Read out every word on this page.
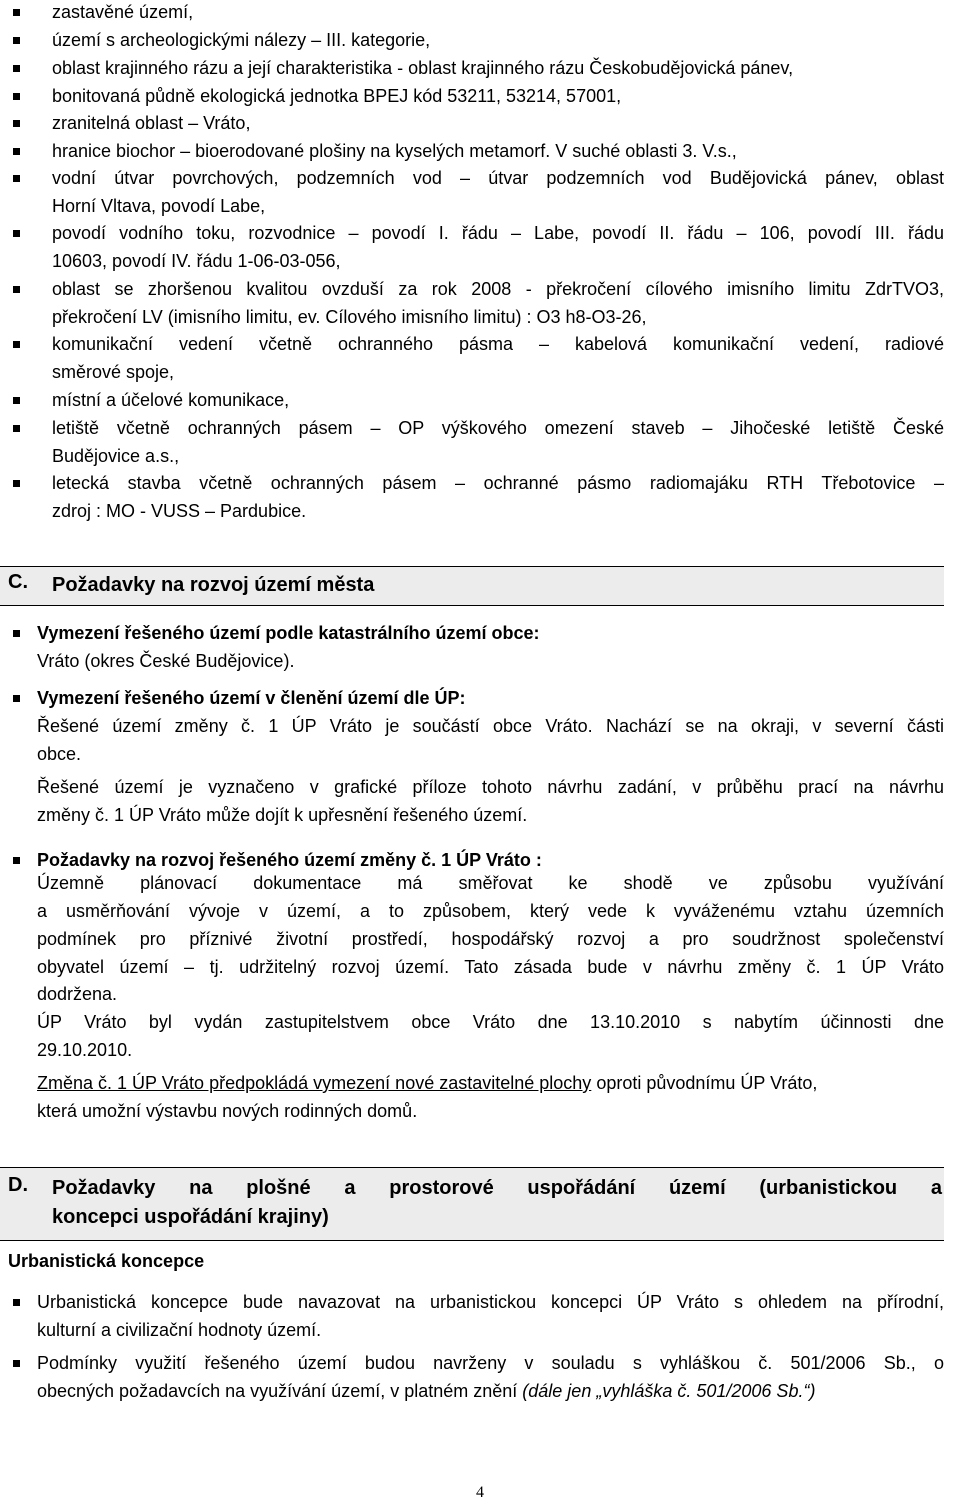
zastavěné území,
území s archeologickými nálezy – III. kategorie,
oblast krajinného rázu a její charakteristika - oblast krajinného rázu Českobudějovická pánev,
bonitovaná půdně ekologická jednotka BPEJ kód 53211, 53214, 57001,
zranitelná oblast – Vráto,
hranice biochor – bioerodované plošiny na kyselých metamorf. V suché oblasti 3. V.s.,
vodní útvar povrchových, podzemních vod – útvar podzemních vod Budějovická pánev, oblast
Horní Vltava, povodí Labe,
povodí vodního toku, rozvodnice – povodí I. řádu – Labe, povodí II. řádu – 106, povodí III. řádu
10603, povodí IV. řádu 1-06-03-056,
oblast se zhoršenou kvalitou ovzduší za rok 2008 - překročení cílového imisního limitu ZdrTVO3,
překročení LV (imisního limitu, ev. Cílového imisního limitu) : O3 h8-O3-26,
komunikační vedení včetně ochranného pásma – kabelová komunikační vedení, radiové
směrové spoje,
místní a účelové komunikace,
letiště včetně ochranných pásem – OP výškového omezení staveb – Jihočeské letiště České
Budějovice a.s.,
letecká stavba včetně ochranných pásem – ochranné pásmo radiomajáku RTH Třebotovice –
zdroj : MO - VUSS – Pardubice.
C. Požadavky na rozvoj území města
Vymezení řešeného území podle katastrálního území obce:
Vráto (okres České Budějovice).
Vymezení řešeného území v členění území dle ÚP:
Řešené území změny č. 1 ÚP Vráto je součástí obce Vráto. Nachází se na okraji, v severní části
obce.
Řešené území je vyznačeno v grafické příloze tohoto návrhu zadání, v průběhu prací na návrhu
změny č. 1 ÚP Vráto může dojít k upřesnění řešeného území.
Požadavky na rozvoj řešeného území změny č. 1 ÚP Vráto :
Územně plánovací dokumentace má směřovat ke shodě ve způsobu využívání
a usměrňování vývoje v území, a to způsobem, který vede k vyváženému vztahu územních
podmínek pro příznivé životní prostředí, hospodářský rozvoj a pro soudržnost společenství
obyvatel území – tj. udržitelný rozvoj území. Tato zásada bude v návrhu změny č. 1 ÚP Vráto
dodržena.
ÚP Vráto byl vydán zastupitelstvem obce Vráto dne 13.10.2010 s nabytím účinnosti dne
29.10.2010.
Změna č. 1 ÚP Vráto předpokládá vymezení nové zastavitelné plochy oproti původnímu ÚP Vráto,
která umožní výstavbu nových rodinných domů.
D. Požadavky na plošné a prostorové uspořádání území (urbanistickou a
koncepci uspořádání krajiny)
Urbanistická koncepce
Urbanistická koncepce bude navazovat na urbanistickou koncepci ÚP Vráto s ohledem na přírodní,
kulturní a civilizační hodnoty území.
Podmínky využití řešeného území budou navrženy v souladu s vyhláškou č. 501/2006 Sb., o
obecných požadavcích na využívání území, v platném znění (dále jen „vyhláška č. 501/2006 Sb.“)
4
